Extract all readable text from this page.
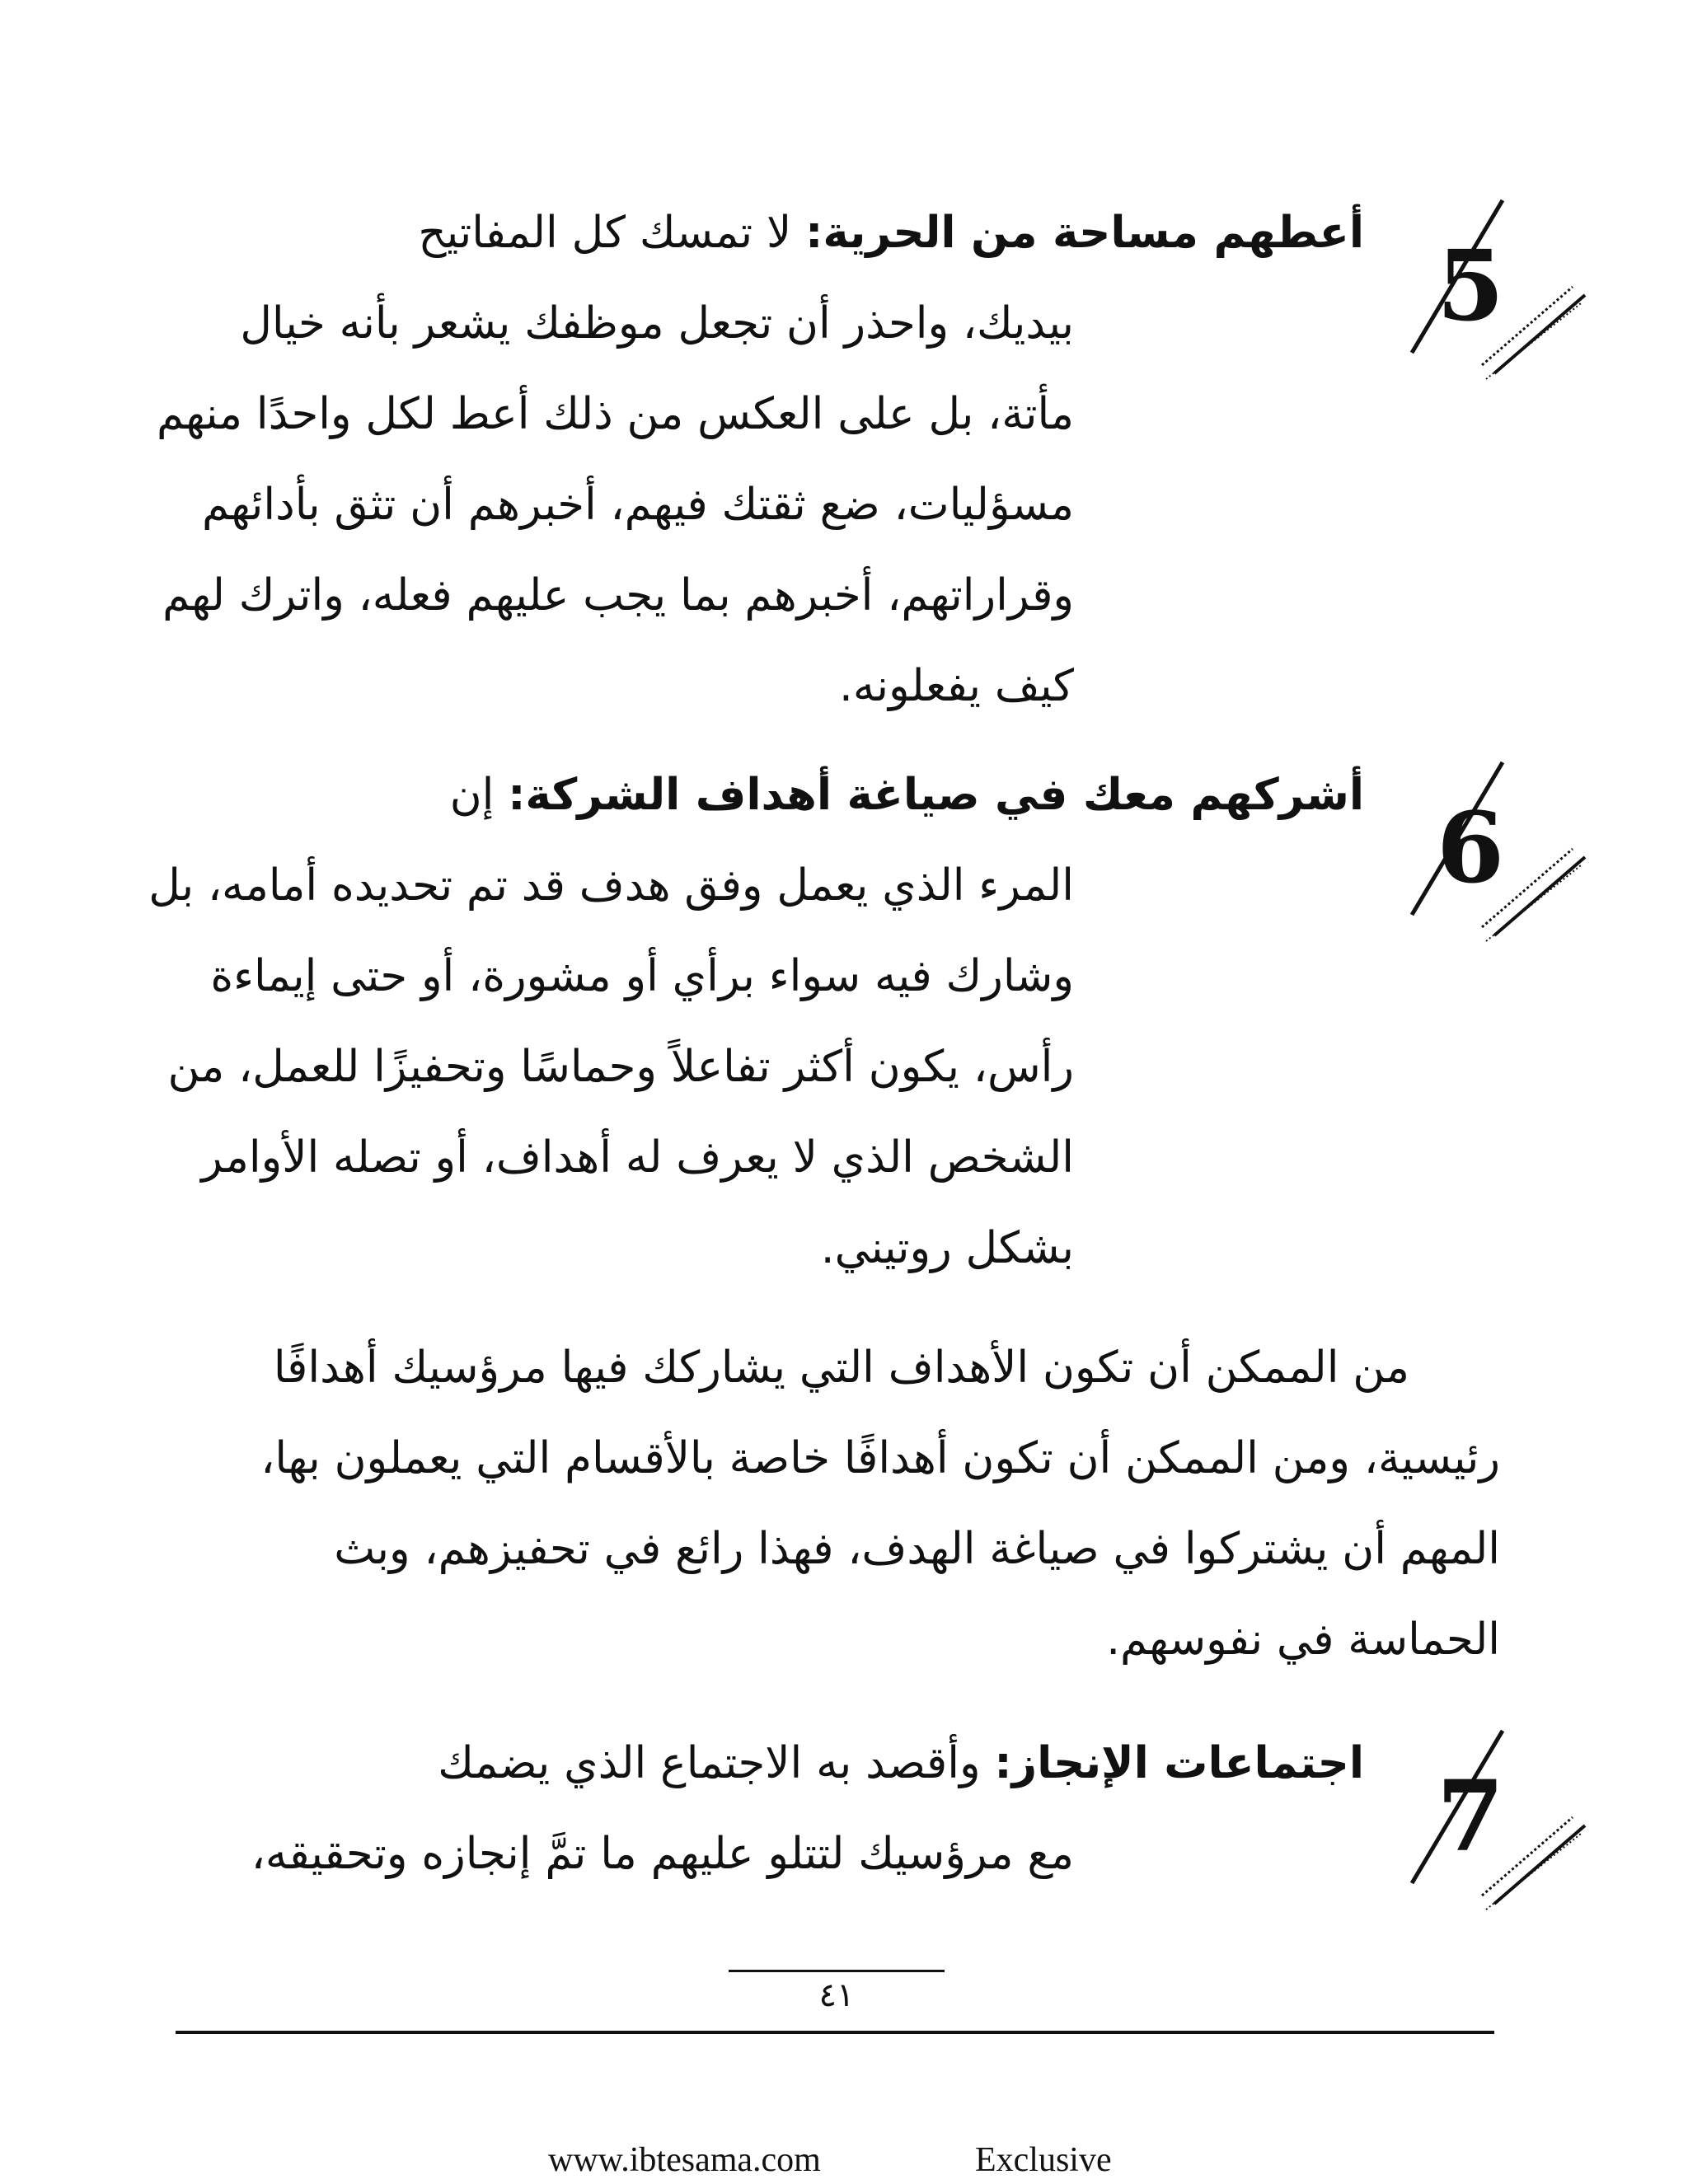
5
أعطهم مساحة من الحرية: لا تمسك كل المفاتيح
بيديك، واحذر أن تجعل موظفك يشعر بأنه خيال
مأتة، بل على العكس من ذلك أعط لكل واحدًا منهم
مسؤليات، ضع ثقتك فيهم، أخبرهم أن تثق بأدائهم
وقراراتهم، أخبرهم بما يجب عليهم فعله، واترك لهم
كيف يفعلونه.
6
أشركهم معك في صياغة أهداف الشركة: إن
المرء الذي يعمل وفق هدف قد تم تحديده أمامه، بل
وشارك فيه سواء برأي أو مشورة، أو حتى إيماءة
رأس، يكون أكثر تفاعلاً وحماسًا وتحفيزًا للعمل، من
الشخص الذي لا يعرف له أهداف، أو تصله الأوامر
بشكل روتيني.
من الممكن أن تكون الأهداف التي يشاركك فيها مرؤسيك أهدافًا
رئيسية، ومن الممكن أن تكون أهدافًا خاصة بالأقسام التي يعملون بها،
المهم أن يشتركوا في صياغة الهدف، فهذا رائع في تحفيزهم، وبث
الحماسة في نفوسهم.
7
اجتماعات الإنجاز: وأقصد به الاجتماع الذي يضمك
مع مرؤسيك لتتلو عليهم ما تمَّ إنجازه وتحقيقه،
٤١
www.ibtesama.com	Exclusive
